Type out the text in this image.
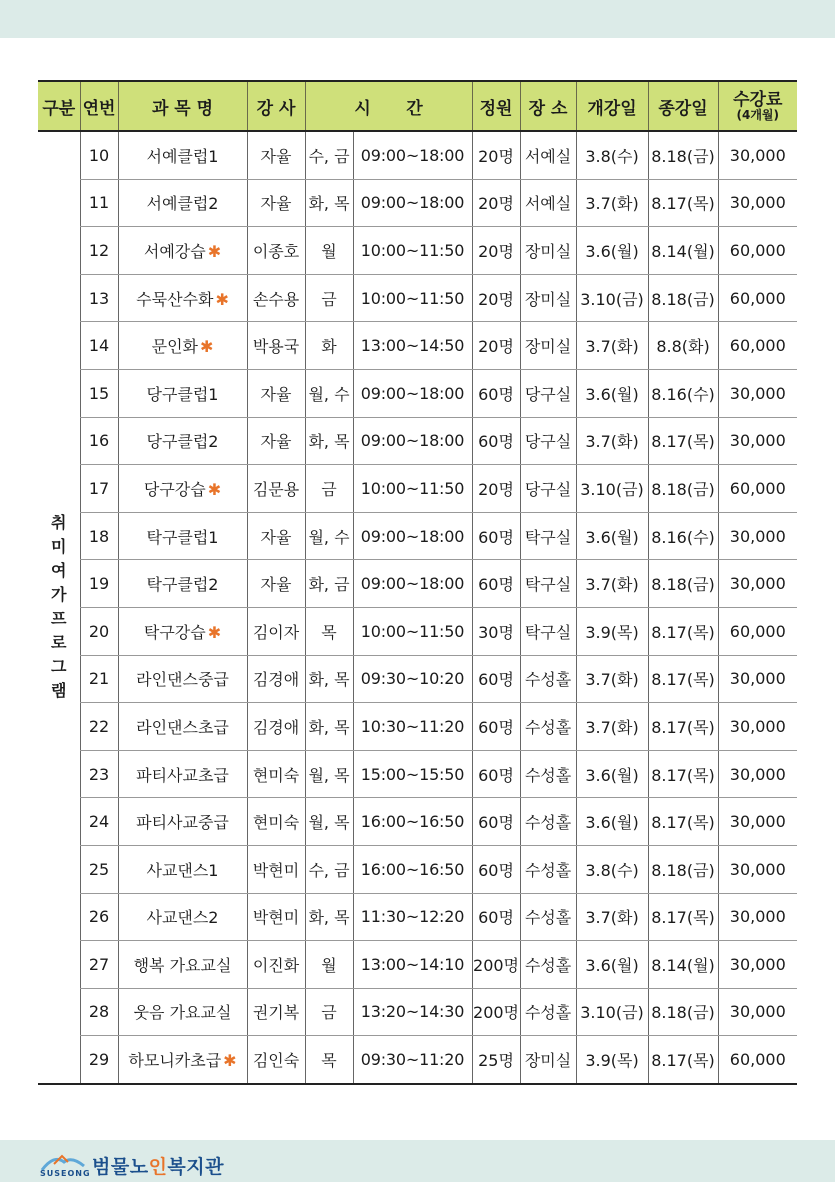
구분	연번	과 목 명	강 사	시      간		정원	장 소	개강일	종강일	수강료
(4개월)

취미여가 프로그램	10	서예클럽1	자율	수, 금	09:00~18:00	20명	서예실	3.8(수)	8.18(금)	30,000
	11	서예클럽2	자율	화, 목	09:00~18:00	20명	서예실	3.7(화)	8.17(목)	30,000
	12	서예강습 ✱	이종호	월	10:00~11:50	20명	장미실	3.6(월)	8.14(월)	60,000
	13	수묵산수화 ✱	손수용	금	10:00~11:50	20명	장미실	3.10(금)	8.18(금)	60,000
	14	문인화 ✱	박용국	화	13:00~14:50	20명	장미실	3.7(화)	8.8(화)	60,000
	15	당구클럽1	자율	월, 수	09:00~18:00	60명	당구실	3.6(월)	8.16(수)	30,000
	16	당구클럽2	자율	화, 목	09:00~18:00	60명	당구실	3.7(화)	8.17(목)	30,000
	17	당구강습 ✱	김문용	금	10:00~11:50	20명	당구실	3.10(금)	8.18(금)	60,000
	18	탁구클럽1	자율	월, 수	09:00~18:00	60명	탁구실	3.6(월)	8.16(수)	30,000
	19	탁구클럽2	자율	화, 금	09:00~18:00	60명	탁구실	3.7(화)	8.18(금)	30,000
	20	탁구강습 ✱	김이자	목	10:00~11:50	30명	탁구실	3.9(목)	8.17(목)	60,000
	21	라인댄스중급	김경애	화, 목	09:30~10:20	60명	수성홀	3.7(화)	8.17(목)	30,000
	22	라인댄스초급	김경애	화, 목	10:30~11:20	60명	수성홀	3.7(화)	8.17(목)	30,000
	23	파티사교초급	현미숙	월, 목	15:00~15:50	60명	수성홀	3.6(월)	8.17(목)	30,000
	24	파티사교중급	현미숙	월, 목	16:00~16:50	60명	수성홀	3.6(월)	8.17(목)	30,000
	25	사교댄스1	박현미	수, 금	16:00~16:50	60명	수성홀	3.8(수)	8.18(금)	30,000
	26	사교댄스2	박현미	화, 목	11:30~12:20	60명	수성홀	3.7(화)	8.17(목)	30,000
	27	행복 가요교실	이진화	월	13:00~14:10	200명	수성홀	3.6(월)	8.14(월)	30,000
	28	웃음 가요교실	권기복	금	13:20~14:30	200명	수성홀	3.10(금)	8.18(금)	30,000
	29	하모니카초급 ✱	김인숙	목	09:30~11:20	25명	장미실	3.9(목)	8.17(목)	60,000
SUSEONG 범물노인복지관
